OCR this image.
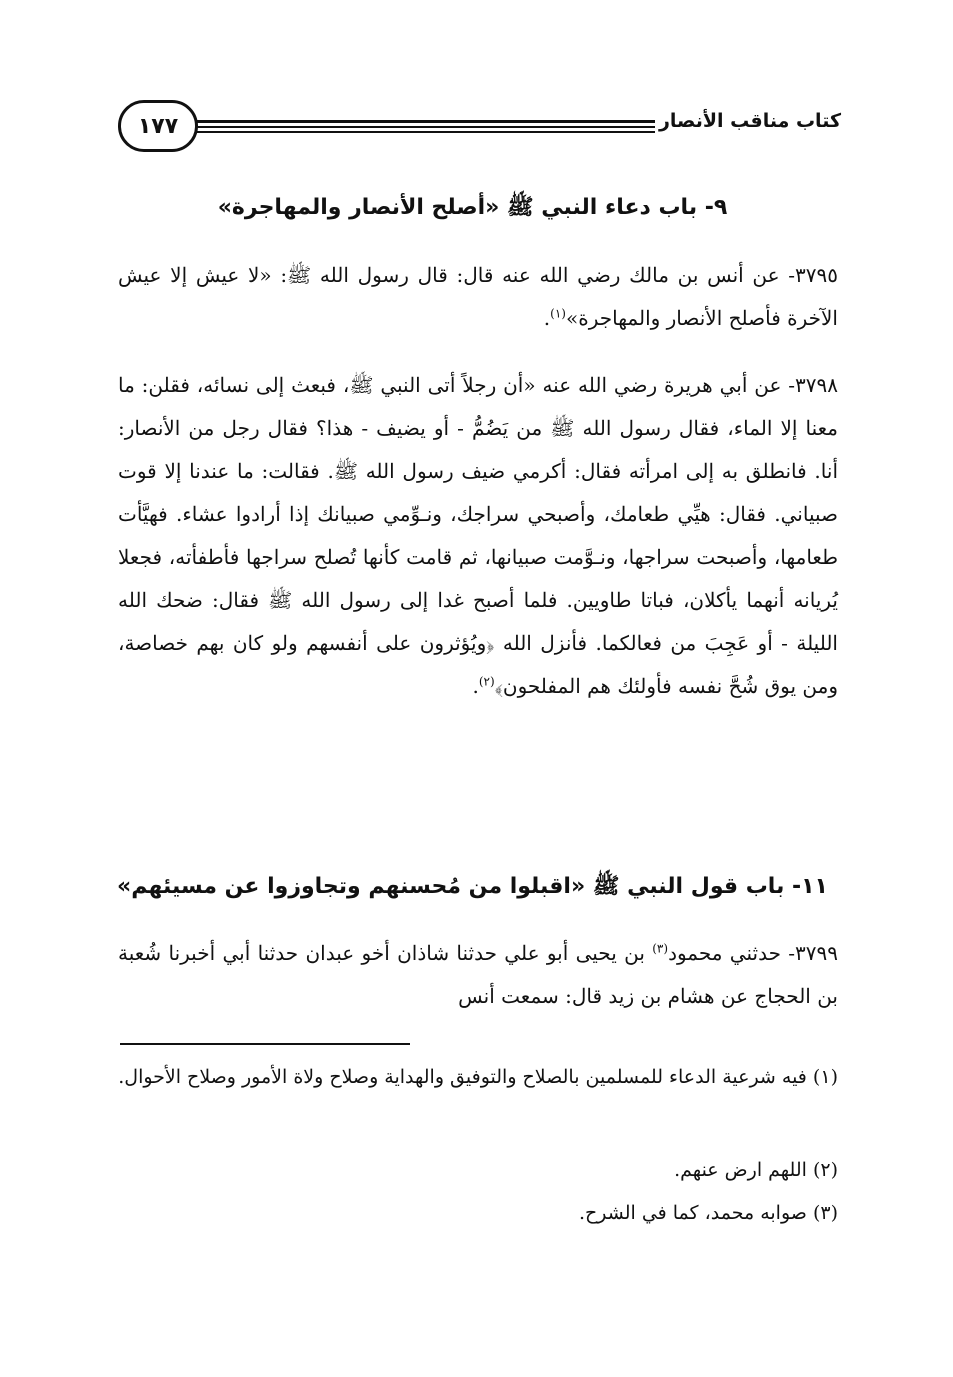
كتاب مناقب الأنصار
١٧٧
٩- باب دعاء النبي ﷺ «أصلح الأنصار والمهاجرة»
٣٧٩٥- عن أنس بن مالك رضي الله عنه قال: قال رسول الله ﷺ: «لا عيش إلا عيش الآخرة فأصلح الأنصار والمهاجرة»$^{(١)}$.
٣٧٩٨- عن أبي هريرة رضي الله عنه «أن رجلاً أتى النبي ﷺ، فبعث إلى نسائه، فقلن: ما معنا إلا الماء، فقال رسول الله ﷺ من يَضُمُّ - أو يضيف - هذا؟ فقال رجل من الأنصار: أنا. فانطلق به إلى امرأته فقال: أكرمي ضيف رسول الله ﷺ. فقالت: ما عندنا إلا قوت صبياني. فقال: هيِّي طعامك، وأصبحي سراجك، ونـوِّمي صبيانك إذا أرادوا عشاء. فهيَّأت طعامها، وأصبحت سراجها، ونـوَّمت صبيانها، ثم قامت كأنها تُصلح سراجها فأطفأته، فجعلا يُريانه أنهما يأكلان، فباتا طاويين. فلما أصبح غدا إلى رسول الله ﷺ فقال: ضحك الله الليلة - أو عَجِبَ من فعالكما. فأنزل الله ﴿ويُؤثرون على أنفسهم ولو كان بهم خصاصة، ومن يوق شُحَّ نفسه فأولئك هم المفلحون﴾$^{(٢)}$.
١١- باب قول النبي ﷺ «اقبلوا من مُحسنهم وتجاوزوا عن مسيئهم»
٣٧٩٩- حدثني محمود$^{(٣)}$ بن يحيى أبو علي حدثنا شاذان أخو عبدان حدثنا أبي أخبرنا شُعبة بن الحجاج عن هشام بن زيد قال: سمعت أنس
(١) فيه شرعية الدعاء للمسلمين بالصلاح والتوفيق والهداية وصلاح ولاة الأمور وصلاح الأحوال.
(٢) اللهم ارض عنهم.
(٣) صوابه محمد، كما في الشرح.
